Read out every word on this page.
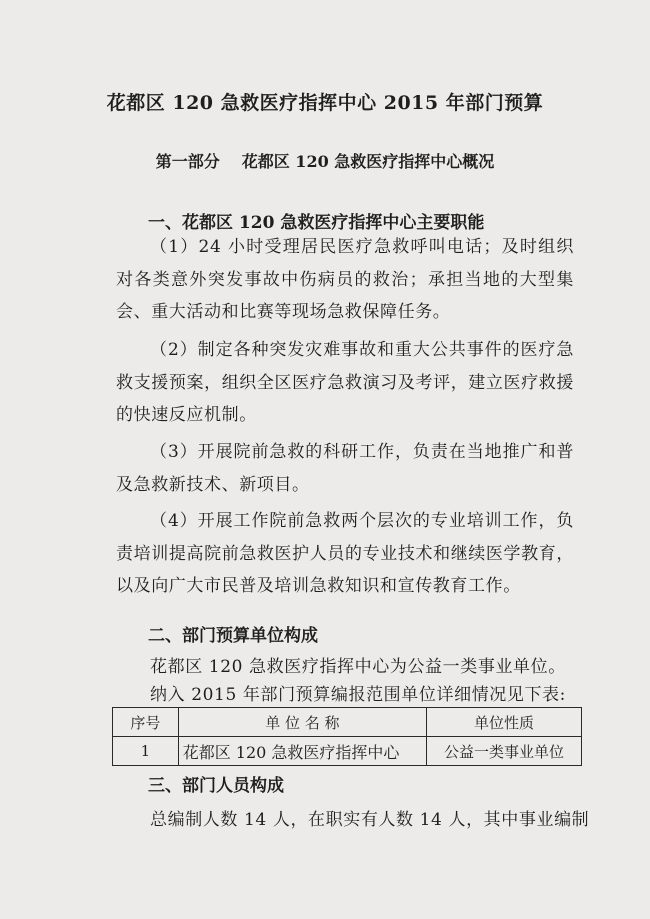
花都区 120 急救医疗指挥中心 2015 年部门预算
第一部分 花都区 120 急救医疗指挥中心概况
一、花都区 120 急救医疗指挥中心主要职能

（1）24 小时受理居民医疗急救呼叫电话；及时组织对各类意外突发事故中伤病员的救治；承担当地的大型集会、重大活动和比赛等现场急救保障任务。

（2）制定各种突发灾难事故和重大公共事件的医疗急救支援预案，组织全区医疗急救演习及考评，建立医疗救援的快速反应机制。

（3）开展院前急救的科研工作，负责在当地推广和普及急救新技术、新项目。

（4）开展工作院前急救两个层次的专业培训工作，负责培训提高院前急救医护人员的专业技术和继续医学教育，以及向广大市民普及培训急救知识和宣传教育工作。

二、部门预算单位构成
花都区 120 急救医疗指挥中心为公益一类事业单位。
纳入 2015 年部门预算编报范围单位详细情况见下表:
序号	单 位 名 称	单位性质
1	花都区 120 急救医疗指挥中心	公益一类事业单位
三、部门人员构成
总编制人数 14 人，在职实有人数 14 人，其中事业编制
